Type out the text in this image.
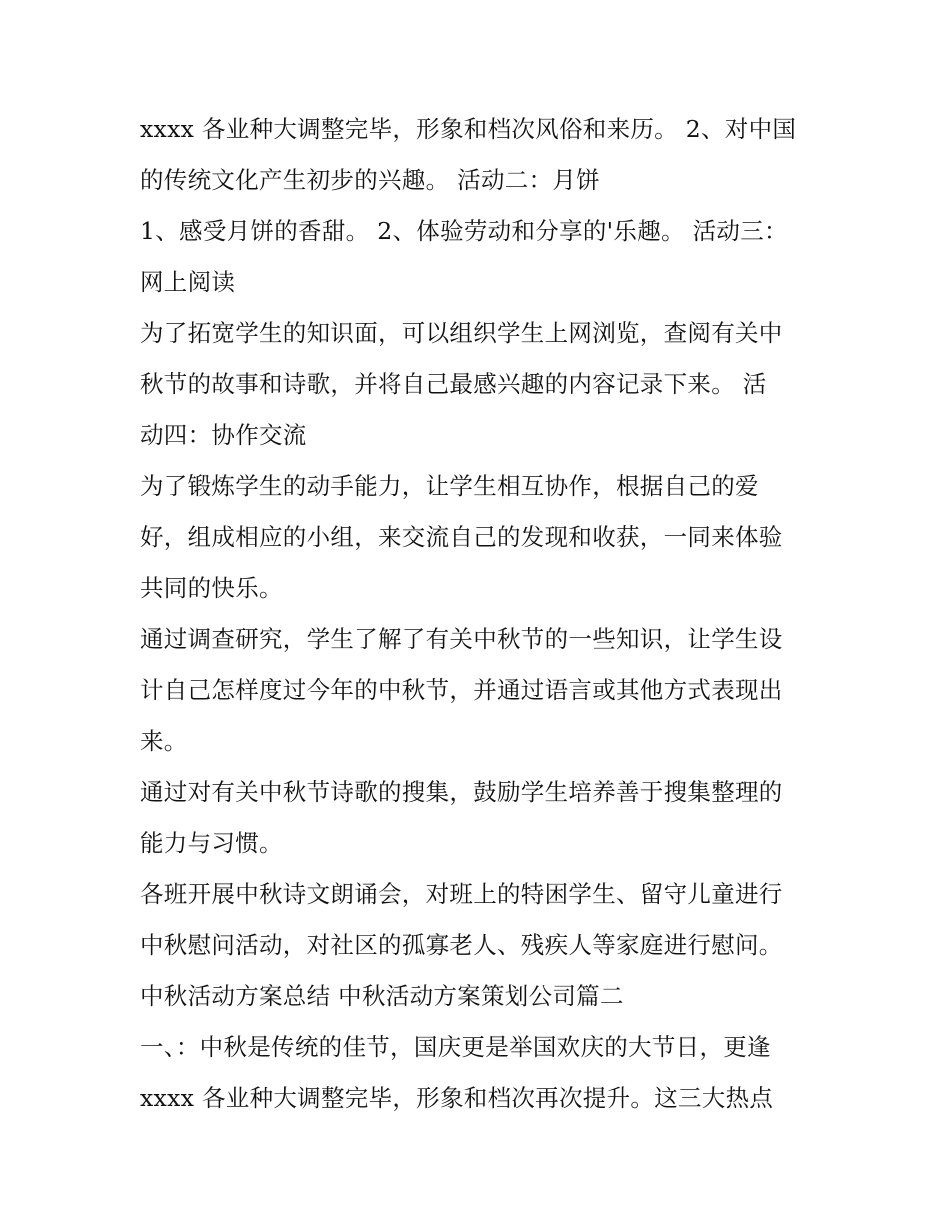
xxxx 各业种大调整完毕，形象和档次风俗和来历。 2、对中国
的传统文化产生初步的兴趣。 活动二：月饼

1、感受月饼的香甜。 2、体验劳动和分享的'乐趣。 活动三：
网上阅读

为了拓宽学生的知识面，可以组织学生上网浏览，查阅有关中
秋节的故事和诗歌，并将自己最感兴趣的内容记录下来。 活
动四：协作交流

为了锻炼学生的动手能力，让学生相互协作，根据自己的爱
好，组成相应的小组，来交流自己的发现和收获，一同来体验
共同的快乐。

通过调查研究，学生了解了有关中秋节的一些知识，让学生设
计自己怎样度过今年的中秋节，并通过语言或其他方式表现出
来。

通过对有关中秋节诗歌的搜集，鼓励学生培养善于搜集整理的
能力与习惯。

各班开展中秋诗文朗诵会，对班上的特困学生、留守儿童进行
中秋慰问活动，对社区的孤寡老人、残疾人等家庭进行慰问。

中秋活动方案总结 中秋活动方案策划公司篇二

一、：中秋是传统的佳节，国庆更是举国欢庆的大节日，更逢
xxxx 各业种大调整完毕，形象和档次再次提升。这三大热点
